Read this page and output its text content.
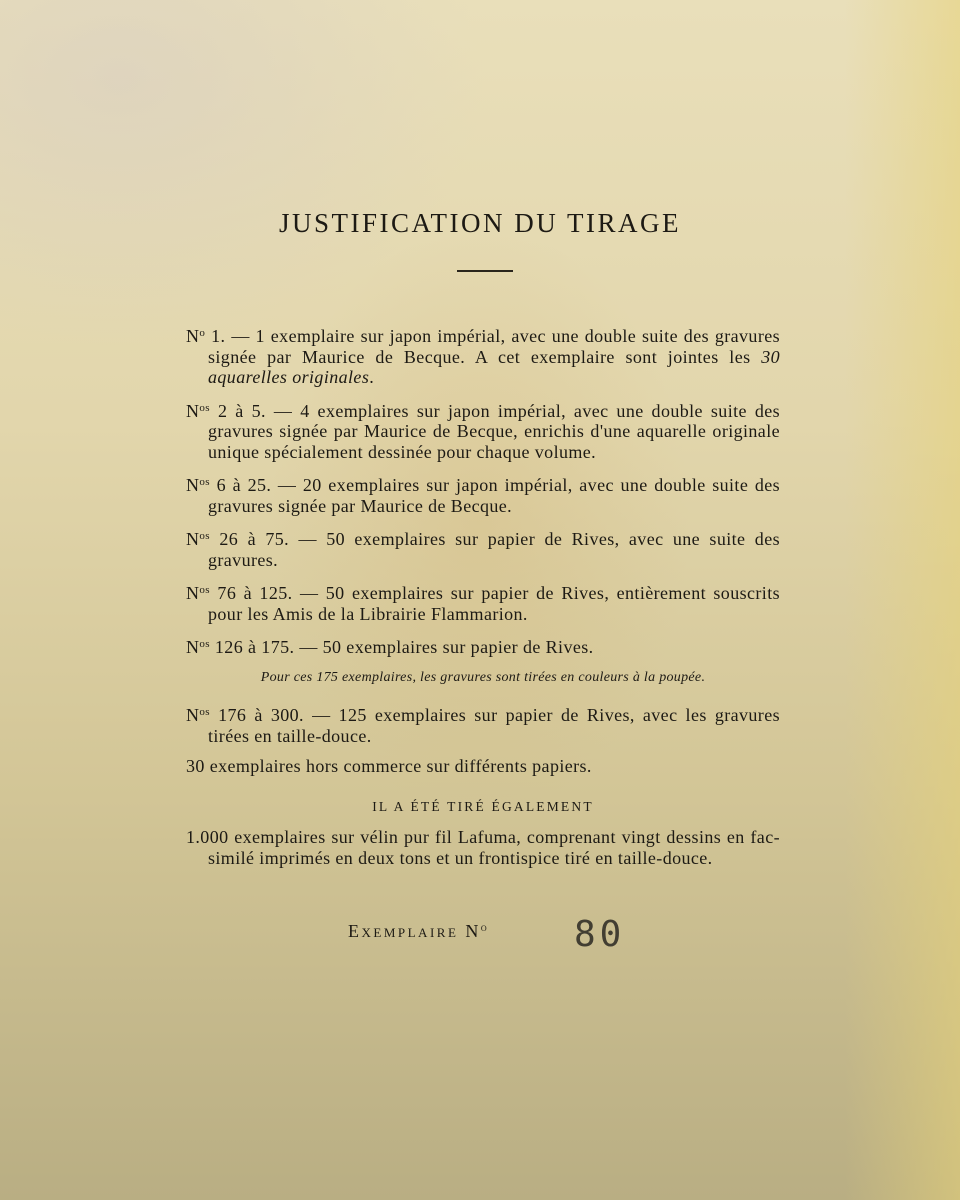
JUSTIFICATION DU TIRAGE

$N^o$ 1. — 1 exemplaire sur japon impérial, avec une double suite des gravures signée par Maurice de Becque. A cet exemplaire sont jointes les 30 aquarelles originales.

$N^{os}$ 2 à 5. — 4 exemplaires sur japon impérial, avec une double suite des gravures signée par Maurice de Becque, enrichis d'une aquarelle originale unique spécialement dessinée pour chaque volume.

$N^{os}$ 6 à 25. — 20 exemplaires sur japon impérial, avec une double suite des gravures signée par Maurice de Becque.

$N^{os}$ 26 à 75. — 50 exemplaires sur papier de Rives, avec une suite des gravures.

$N^{os}$ 76 à 125. — 50 exemplaires sur papier de Rives, entièrement souscrits pour les Amis de la Librairie Flammarion.

$N^{os}$ 126 à 175. — 50 exemplaires sur papier de Rives.

Pour ces 175 exemplaires, les gravures sont tirées en couleurs à la poupée.

$N^{os}$ 176 à 300. — 125 exemplaires sur papier de Rives, avec les gravures tirées en taille-douce.

30 exemplaires hors commerce sur différents papiers.

IL A ÉTÉ TIRÉ ÉGALEMENT

1.000 exemplaires sur vélin pur fil Lafuma, comprenant vingt dessins en fac-similé imprimés en deux tons et un frontispice tiré en taille-douce.

Exemplaire $N^o$ 80
